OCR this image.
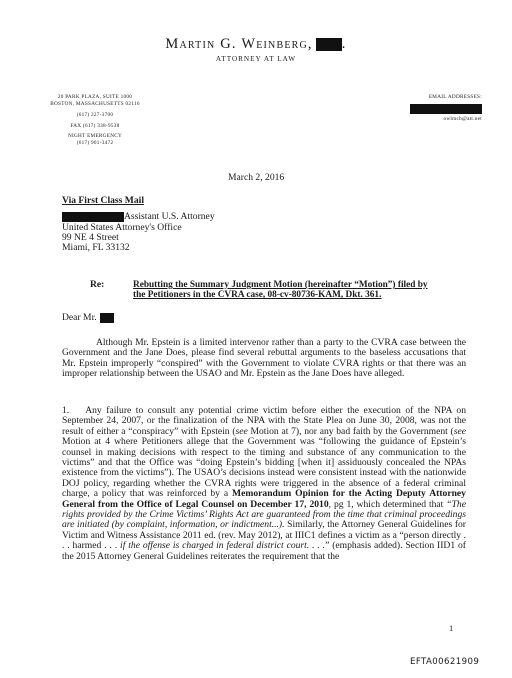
Martin G. Weinberg, .
ATTORNEY AT LAW
20 PARK PLAZA, SUITE 1000
BOSTON, MASSACHUSETTS 02116
(617) 227-3700
FAX (617) 338-9538
NIGHT EMERGENCY
(617) 901-3472
EMAIL ADDRESSES:
owlmcb@att.net
March 2, 2016
Via First Class Mail
Assistant U.S. Attorney
United States Attorney's Office
99 NE 4 Street
Miami, FL 33132
Re:	Rebutting the Summary Judgment Motion (hereinafter “Motion”) filed by
the Petitioners in the CVRA case, 08-cv-80736-KAM, Dkt. 361.
Dear Mr.

Although Mr. Epstein is a limited intervenor rather than a party to the CVRA case between the Government and the Jane Does, please find several rebuttal arguments to the baseless accusations that Mr. Epstein improperly “conspired” with the Government to violate CVRA rights or that there was an improper relationship between the USAO and Mr. Epstein as the Jane Does have alleged.

1. Any failure to consult any potential crime victim before either the execution of the NPA on September 24, 2007, or the finalization of the NPA with the State Plea on June 30, 2008, was not the result of either a “conspiracy” with Epstein (see Motion at 7), nor any bad faith by the Government (see Motion at 4 where Petitioners allege that the Government was “following the guidance of Epstein’s counsel in making decisions with respect to the timing and substance of any communication to the victims” and that the Office was “doing Epstein’s bidding [when it] assiduously concealed the NPAs existence from the victims”). The USAO’s decisions instead were consistent instead with the nationwide DOJ policy, regarding whether the CVRA rights were triggered in the absence of a federal criminal charge, a policy that was reinforced by a Memorandum Opinion for the Acting Deputy Attorney General from the Office of Legal Counsel on December 17, 2010, pg 1, which determined that “The rights provided by the Crime Victims’ Rights Act are guaranteed from the time that criminal proceedings are initiated (by complaint, information, or indictment...). Similarly, the Attorney General Guidelines for Victim and Witness Assistance 2011 ed. (rev. May 2012), at IIIC1 defines a victim as a “person directly . . . harmed . . . if the offense is charged in federal district court. . . .” (emphasis added). Section IID1 of the 2015 Attorney General Guidelines reiterates the requirement that the

1
EFTA00621909
